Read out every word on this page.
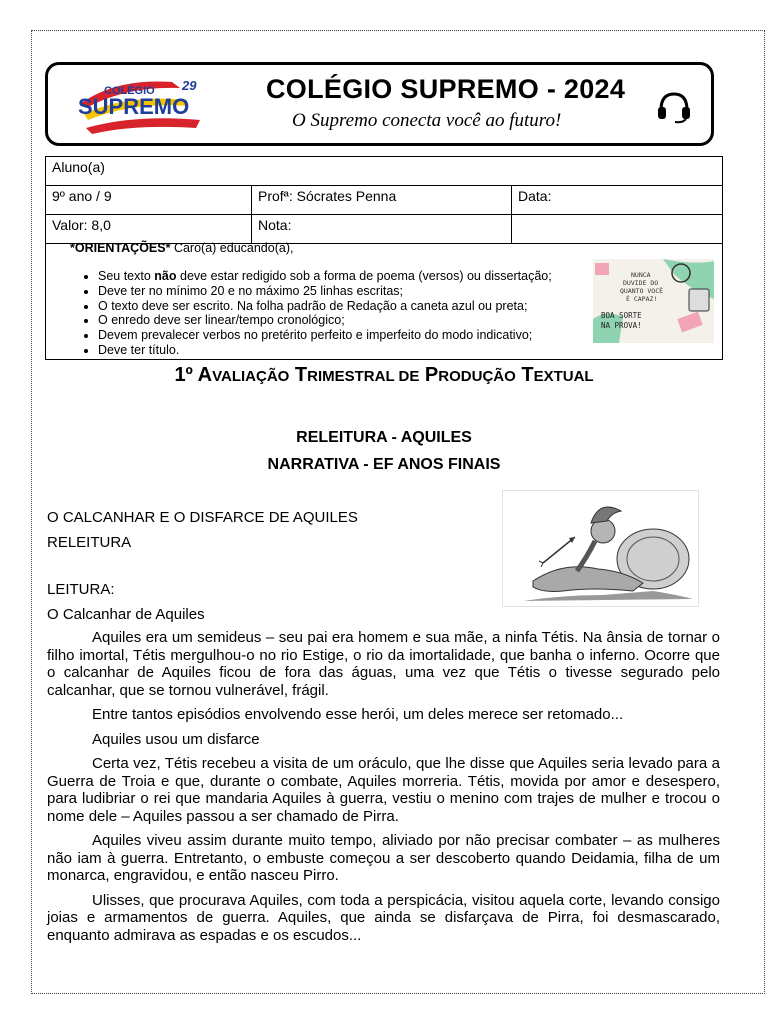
COLÉGIO
SUPREMO
29	COLÉGIO SUPREMO - 2024
O Supremo conecta você ao futuro!
Aluno(a)		
9º ano / 9	Profª: Sócrates Penna	Data:
Valor: 8,0	Nota:	
*ORIENTAÇÕES* Caro(a) educando(a),
• Seu texto não deve estar redigido sob a forma de poema (versos) ou dissertação;
• Deve ter no mínimo 20 e no máximo 25 linhas escritas;
• O texto deve ser escrito. Na folha padrão de Redação a caneta azul ou preta;
• O enredo deve ser linear/tempo cronológico;
• Devem prevalecer verbos no pretérito perfeito e imperfeito do modo indicativo;
• Deve ter título.
NUNCA
DUVIDE DO
QUANTO VOCÊ
É CAPAZ!
BOA SORTE
NA PROVA!
1º AVALIAÇÃO TRIMESTRAL DE PRODUÇÃO TEXTUAL
RELEITURA - AQUILES
NARRATIVA - EF ANOS FINAIS
O CALCANHAR E O DISFARCE DE AQUILES
RELEITURA
LEITURA:
O Calcanhar de Aquiles

Aquiles era um semideus – seu pai era homem e sua mãe, a ninfa Tétis. Na ânsia de tornar o filho imortal, Tétis mergulhou-o no rio Estige, o rio da imortalidade, que banha o inferno. Ocorre que o calcanhar de Aquiles ficou de fora das águas, uma vez que Tétis o tivesse segurado pelo calcanhar, que se tornou vulnerável, frágil.

Entre tantos episódios envolvendo esse herói, um deles merece ser retomado...

Aquiles usou um disfarce

Certa vez, Tétis recebeu a visita de um oráculo, que lhe disse que Aquiles seria levado para a Guerra de Troia e que, durante o combate, Aquiles morreria. Tétis, movida por amor e desespero, para ludibriar o rei que mandaria Aquiles à guerra, vestiu o menino com trajes de mulher e trocou o nome dele – Aquiles passou a ser chamado de Pirra.

Aquiles viveu assim durante muito tempo, aliviado por não precisar combater – as mulheres não iam à guerra. Entretanto, o embuste começou a ser descoberto quando Deidamia, filha de um monarca, engravidou, e então nasceu Pirro.

Ulisses, que procurava Aquiles, com toda a perspicácia, visitou aquela corte, levando consigo joias e armamentos de guerra. Aquiles, que ainda se disfarçava de Pirra, foi desmascarado, enquanto admirava as espadas e os escudos...
